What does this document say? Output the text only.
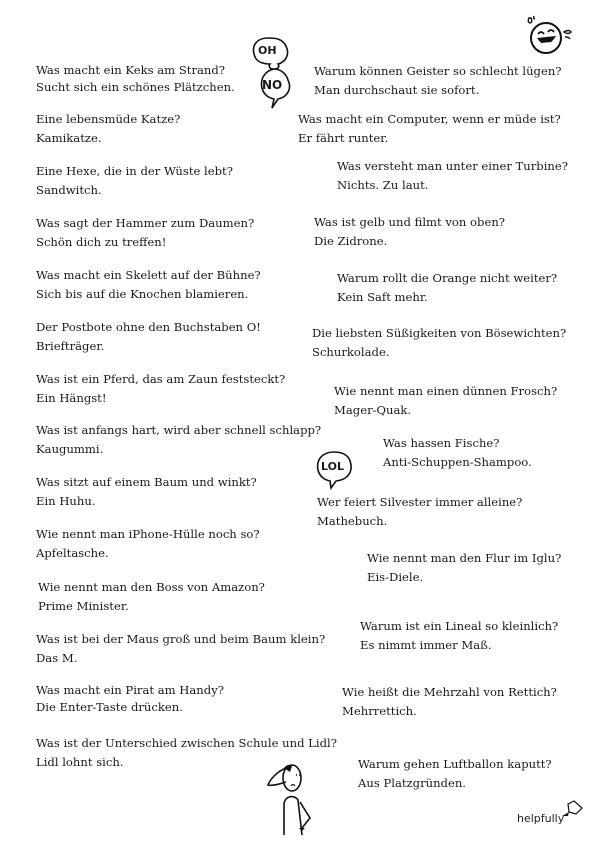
Was macht ein Keks am Strand?
Sucht sich ein schönes Plätzchen.
Eine lebensmüde Katze?
Kamikatze.
Eine Hexe, die in der Wüste lebt?
Sandwitch.
Was sagt der Hammer zum Daumen?
Schön dich zu treffen!
Was macht ein Skelett auf der Bühne?
Sich bis auf die Knochen blamieren.
Der Postbote ohne den Buchstaben O!
Briefträger.
Was ist ein Pferd, das am Zaun feststeckt?
Ein Hängst!
Was ist anfangs hart, wird aber schnell schlapp?
Kaugummi.
Was sitzt auf einem Baum und winkt?
Ein Huhu.
Wie nennt man iPhone-Hülle noch so?
Apfeltasche.
Wie nennt man den Boss von Amazon?
Prime Minister.
Was ist bei der Maus groß und beim Baum klein?
Das M.
Was macht ein Pirat am Handy?
Die Enter-Taste drücken.
Was ist der Unterschied zwischen Schule und Lidl?
Lidl lohnt sich.
Warum können Geister so schlecht lügen?
Man durchschaut sie sofort.
Was macht ein Computer, wenn er müde ist?
Er fährt runter.
Was versteht man unter einer Turbine?
Nichts. Zu laut.
Was ist gelb und filmt von oben?
Die Zidrone.
Warum rollt die Orange nicht weiter?
Kein Saft mehr.
Die liebsten Süßigkeiten von Bösewichten?
Schurkolade.
Wie nennt man einen dünnen Frosch?
Mager-Quak.
Was hassen Fische?
Anti-Schuppen-Shampoo.
Wer feiert Silvester immer alleine?
Mathebuch.
Wie nennt man den Flur im Iglu?
Eis-Diele.
Warum ist ein Lineal so kleinlich?
Es nimmt immer Maß.
Wie heißt die Mehrzahl von Rettich?
Mehrrettich.
Warum gehen Luftballon kaputt?
Aus Platzgründen.
OH
NO
LOL
helpfully
